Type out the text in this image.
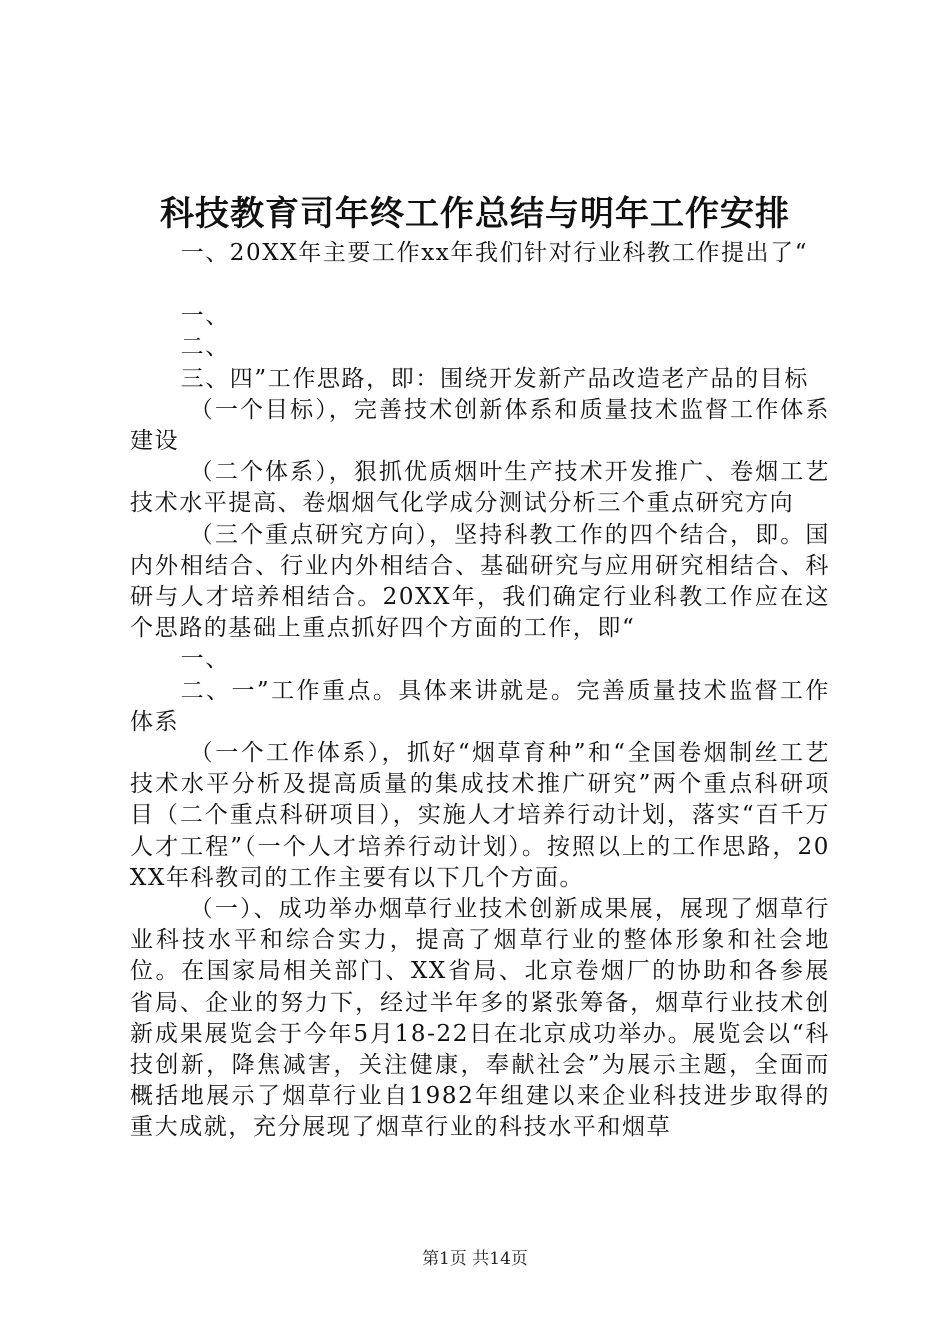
科技教育司年终工作总结与明年工作安排

一、20XX年主要工作xx年我们针对行业科教工作提出了“

一、

二、

三、四”工作思路，即：围绕开发新产品改造老产品的目标

（一个目标），完善技术创新体系和质量技术监督工作体系建设

（二个体系），狠抓优质烟叶生产技术开发推广、卷烟工艺技术水平提高、卷烟烟气化学成分测试分析三个重点研究方向

（三个重点研究方向），坚持科教工作的四个结合，即。国内外相结合、行业内外相结合、基础研究与应用研究相结合、科研与人才培养相结合。20XX年，我们确定行业科教工作应在这个思路的基础上重点抓好四个方面的工作，即“

一、

二、一”工作重点。具体来讲就是。完善质量技术监督工作体系

（一个工作体系），抓好“烟草育种”和“全国卷烟制丝工艺技术水平分析及提高质量的集成技术推广研究”两个重点科研项目（二个重点科研项目），实施人才培养行动计划，落实“百千万人才工程”（一个人才培养行动计划）。按照以上的工作思路，20XX年科教司的工作主要有以下几个方面。

（一）、成功举办烟草行业技术创新成果展，展现了烟草行业科技水平和综合实力，提高了烟草行业的整体形象和社会地位。在国家局相关部门、XX省局、北京卷烟厂的协助和各参展省局、企业的努力下，经过半年多的紧张筹备，烟草行业技术创新成果展览会于今年5月18-22日在北京成功举办。展览会以“科技创新，降焦减害，关注健康，奉献社会”为展示主题，全面而概括地展示了烟草行业自1982年组建以来企业科技进步取得的重大成就，充分展现了烟草行业的科技水平和烟草

第1页 共14页
